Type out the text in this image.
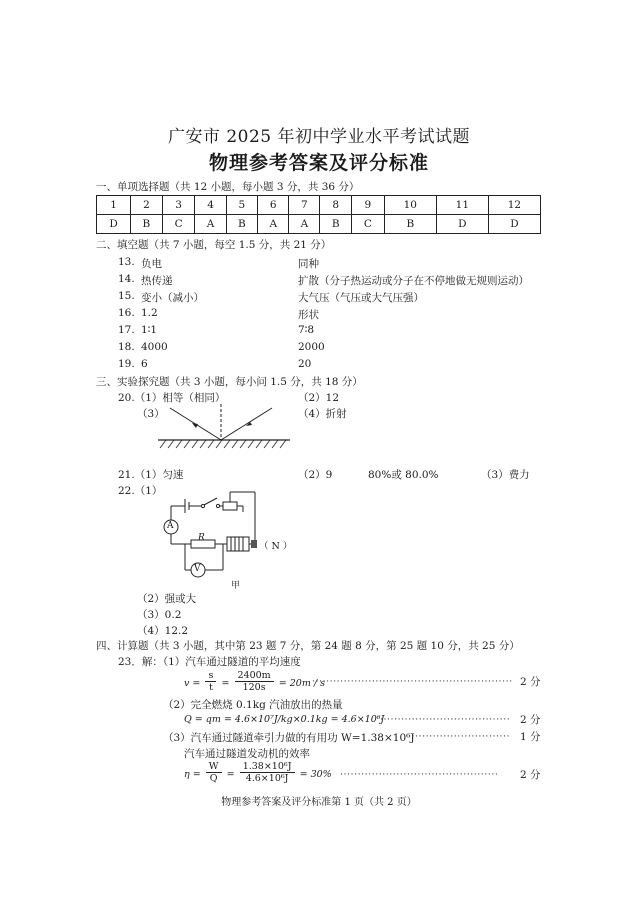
广安市 2025 年初中学业水平考试试题
物理参考答案及评分标准
一、单项选择题（共 12 小题，每小题 3 分，共 36 分）
1	2	3	4	5	6	7	8	9	10	11	12
D	B	C	A	B	A	A	B	C	B	D	D
二、填空题（共 7 小题，每空 1.5 分，共 21 分）
13. 负电	同种
14. 热传递	扩散（分子热运动或分子在不停地做无规则运动）
15. 变小（减小）	大气压（气压或大气压强）
16. 1.2	形状
17. 1∶1	7∶8
18. 4000	2000
19. 6	20
三、实验探究题（共 3 小题，每小问 1.5 分，共 18 分）
20.（1）相等（相同）	（2）12
（3）	（4）折射
21.（1）匀速	（2）9	80%或 80.0%	（3）费力
22.（1）
A
V
R
（ N ）
甲
（2）强或大
（3）0.2
（4）12.2
四、计算题（共 3 小题，其中第 23 题 7 分，第 24 题 8 分，第 25 题 10 分，共 25 分）
23．解：（1）汽车通过隧道的平均速度
$v = \frac{s}{t} = \frac{2400m}{120s} = 20m / s$
························································· 2 分
（2）完全燃烧 0.1kg 汽油放出的热量
Q = qm = 4.6×10⁷J/kg×0.1kg = 4.6×10⁶J
····································· 2 分
（3）汽车通过隧道牵引力做的有用功 W=1.38×10⁶J
····························· 1 分
汽车通过隧道发动机的效率
$\eta = \frac{W}{Q} = \frac{\text{1.38×10⁶J}}{\text{4.6×10⁶J}} = 30\%$ ············································· 2 分
物理参考答案及评分标准第 1 页（共 2 页）
